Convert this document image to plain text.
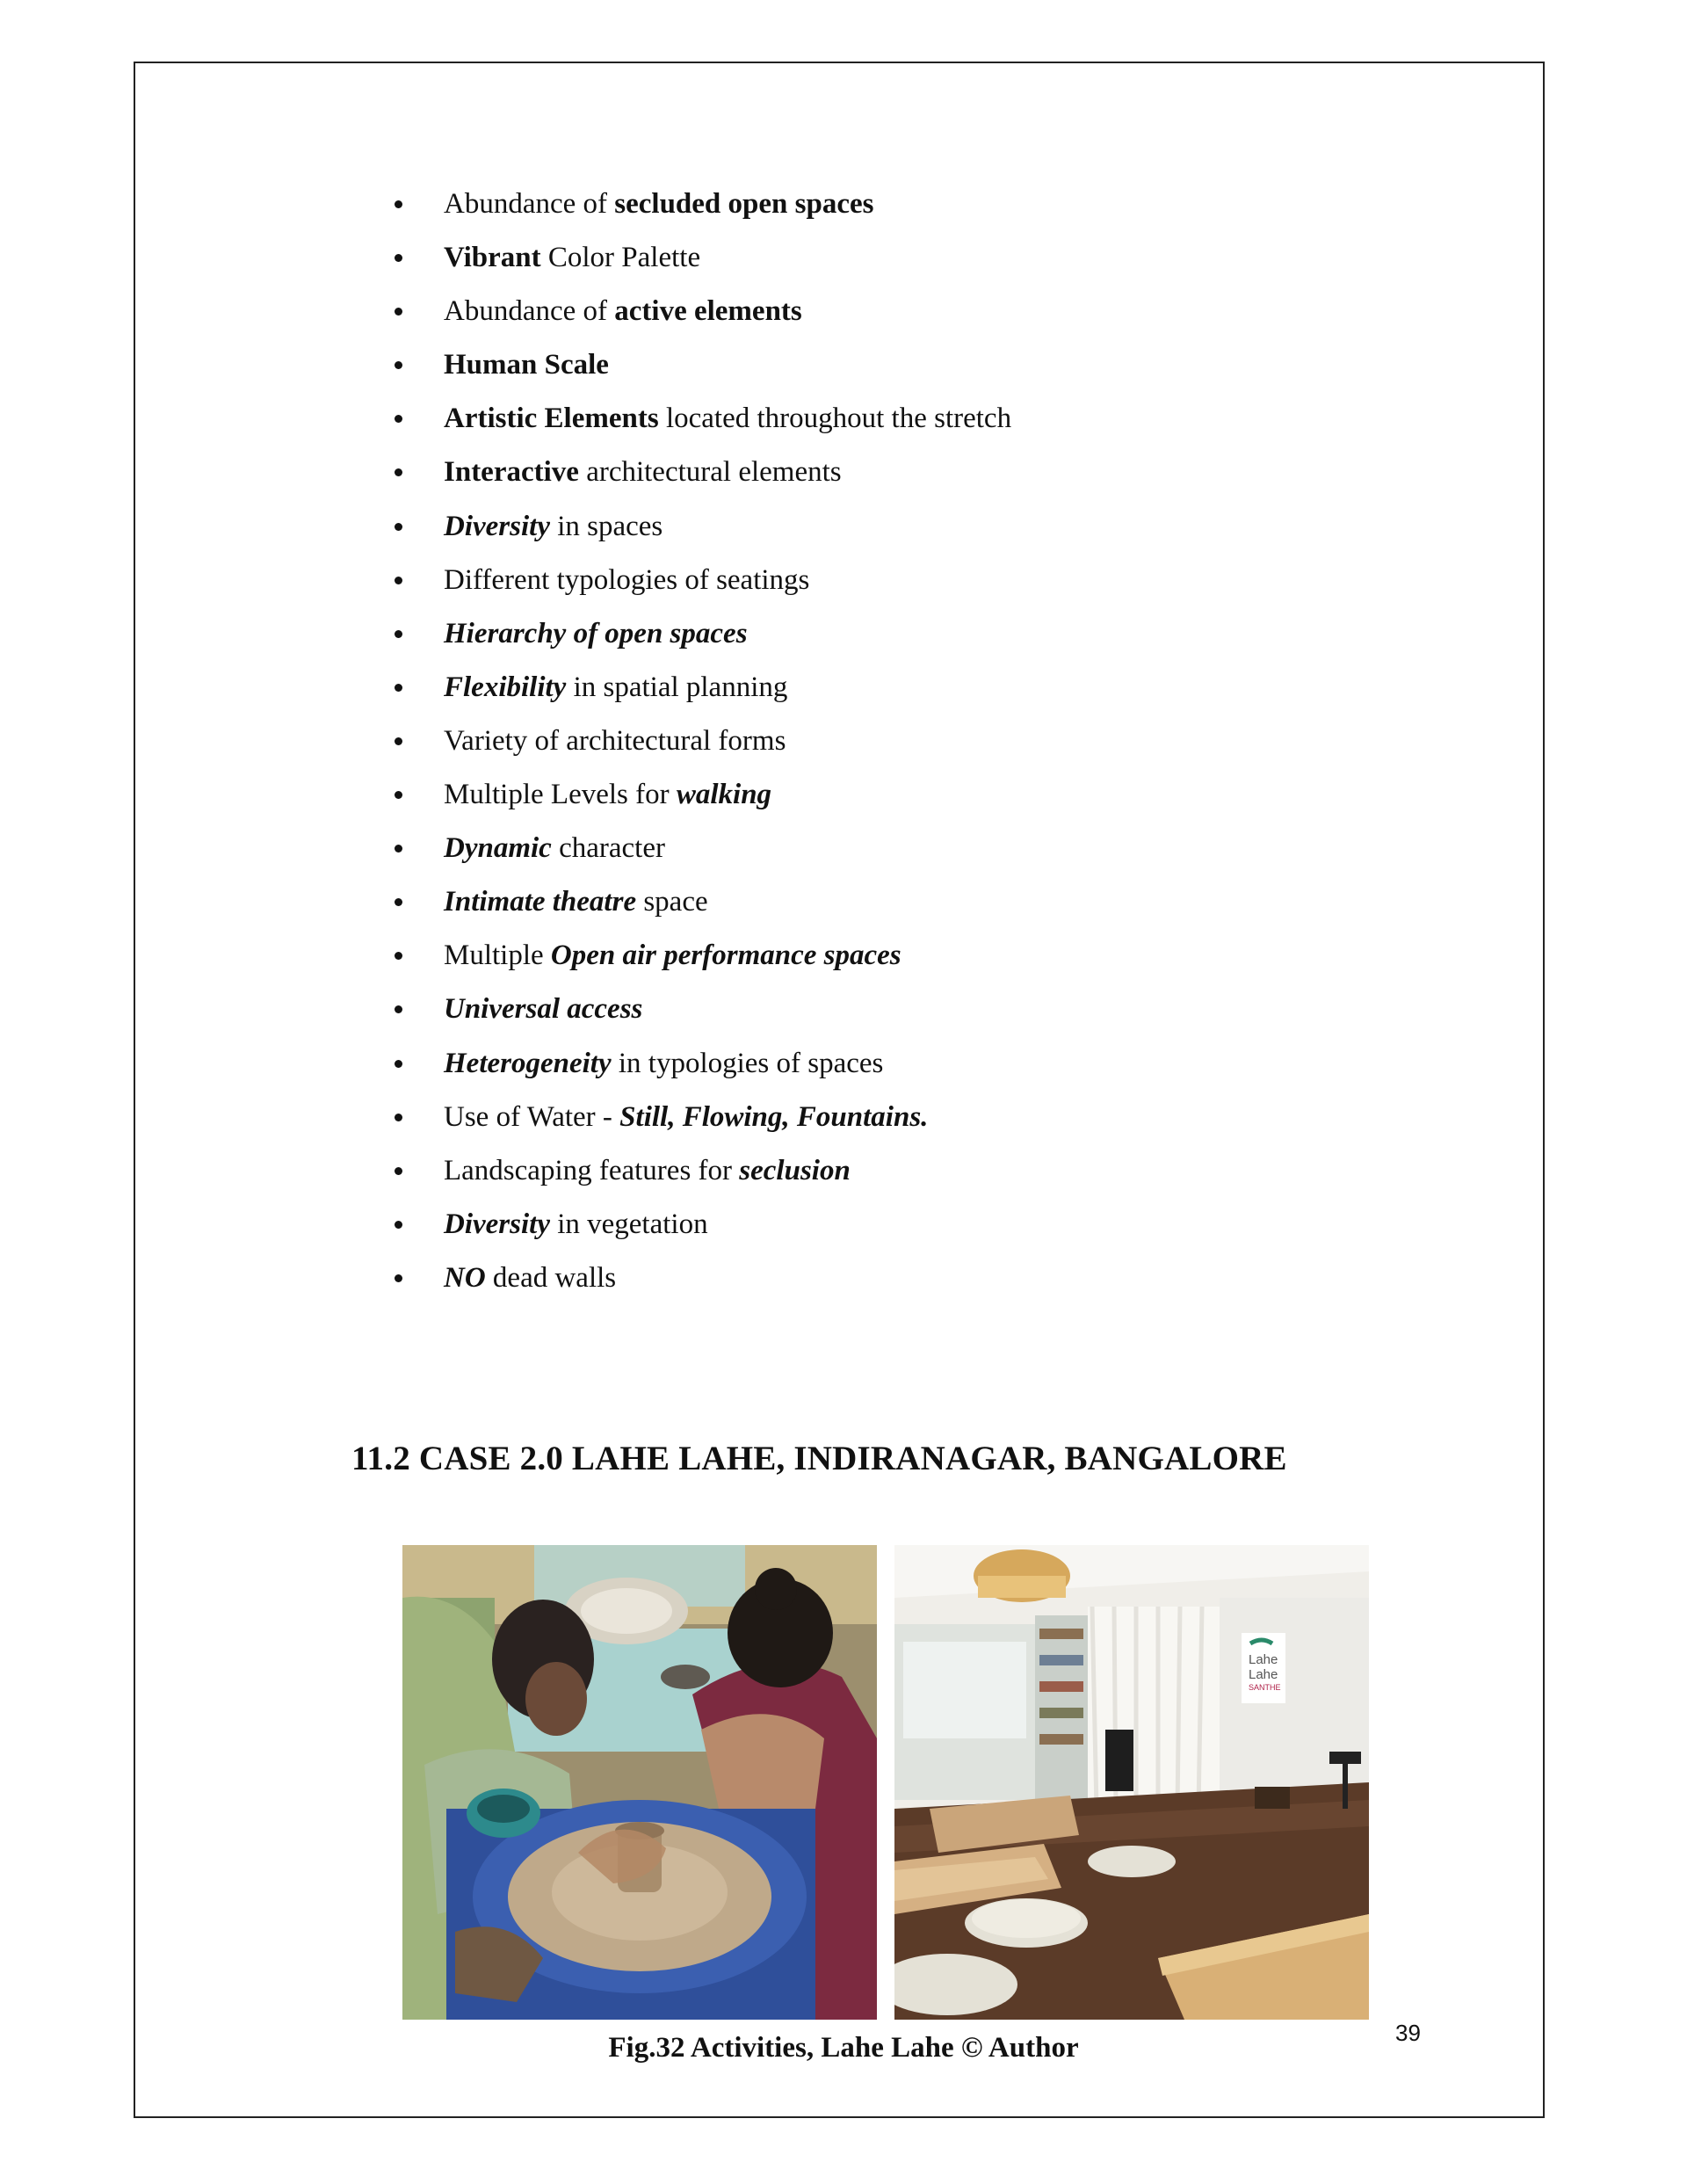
Abundance of secluded open spaces
Vibrant Color Palette
Abundance of active elements
Human Scale
Artistic Elements located throughout the stretch
Interactive architectural elements
Diversity in spaces
Different typologies of seatings
Hierarchy of open spaces
Flexibility in spatial planning
Variety of architectural forms
Multiple Levels for walking
Dynamic character
Intimate theatre space
Multiple Open air performance spaces
Universal access
Heterogeneity in typologies of spaces
Use of Water - Still, Flowing, Fountains.
Landscaping features for seclusion
Diversity in vegetation
NO dead walls
11.2 CASE 2.0 LAHE LAHE, INDIRANAGAR, BANGALORE
Lahe
Lahe
SANTHE
Fig.32 Activities, Lahe Lahe © Author	39
